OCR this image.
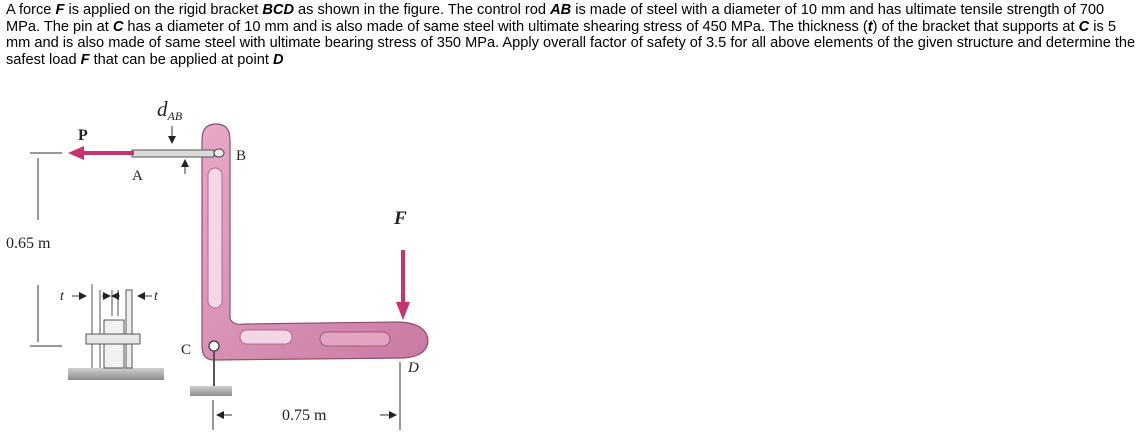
A force F is applied on the rigid bracket BCD as shown in the figure. The control rod AB is made of steel with a diameter of 10 mm and has ultimate tensile strength of 700 MPa. The pin at C has a diameter of 10 mm and is also made of same steel with ultimate shearing stress of 450 MPa. The thickness (t) of the bracket that supports at C is 5 mm and is also made of same steel with ultimate bearing stress of 350 MPa. Apply overall factor of safety of 3.5 for all above elements of the given structure and determine the safest load F that can be applied at point D

dAB
P
A
B
F
C
D
t	t
0.65 m
0.75 m
